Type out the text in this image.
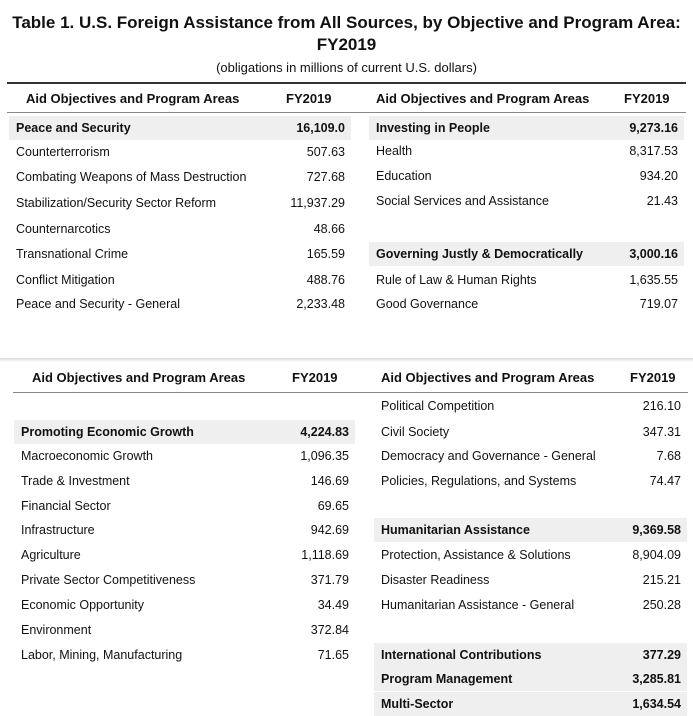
Table 1. U.S. Foreign Assistance from All Sources, by Objective and Program Area:
FY2019
(obligations in millions of current U.S. dollars)
Aid Objectives and Program Areas	FY2019	Aid Objectives and Program Areas	FY2019
Peace and Security	16,109.0
Counterterrorism	507.63
Combating Weapons of Mass Destruction	727.68
Stabilization/Security Sector Reform	11,937.29
Counternarcotics	48.66
Transnational Crime	165.59
Conflict Mitigation	488.76
Peace and Security - General	2,233.48
Investing in People	9,273.16
Health	8,317.53
Education	934.20
Social Services and Assistance	21.43
Governing Justly & Democratically	3,000.16
Rule of Law & Human Rights	1,635.55
Good Governance	719.07
Aid Objectives and Program Areas	FY2019	Aid Objectives and Program Areas	FY2019
Promoting Economic Growth	4,224.83
Macroeconomic Growth	1,096.35
Trade & Investment	146.69
Financial Sector	69.65
Infrastructure	942.69
Agriculture	1,118.69
Private Sector Competitiveness	371.79
Economic Opportunity	34.49
Environment	372.84
Labor, Mining, Manufacturing	71.65
Political Competition	216.10
Civil Society	347.31
Democracy and Governance - General	7.68
Policies, Regulations, and Systems	74.47
Humanitarian Assistance	9,369.58
Protection, Assistance & Solutions	8,904.09
Disaster Readiness	215.21
Humanitarian Assistance - General	250.28
International Contributions	377.29
Program Management	3,285.81
Multi-Sector	1,634.54
